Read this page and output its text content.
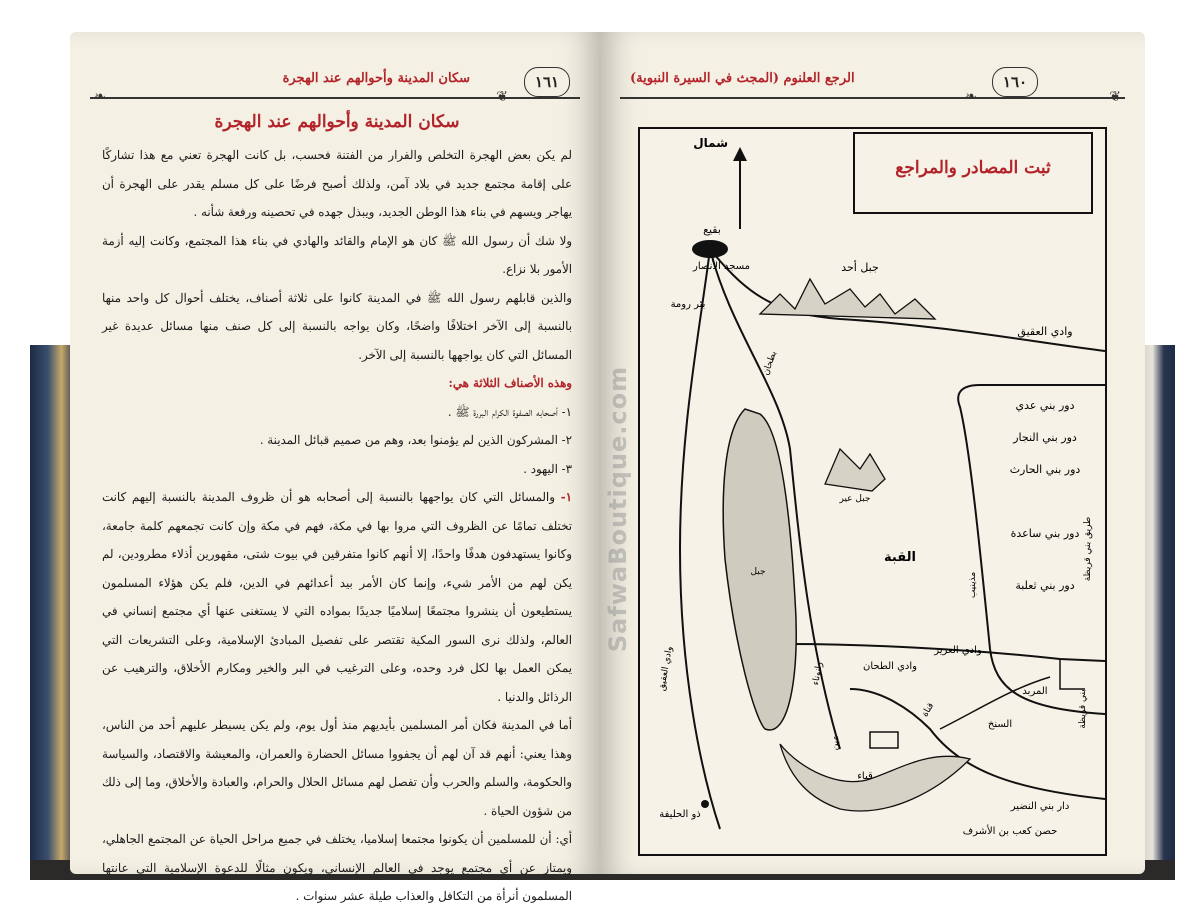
سكان المدينة وأحوالهم عند الهجرة	١٦١
❦
❧
سكان المدينة وأحوالهم عند الهجرة

لم يكن بعض الهجرة التخلص والفرار من الفتنة فحسب، بل كانت الهجرة تعني مع هذا تشاركًا على إقامة مجتمع جديد في بلاد آمن، ولذلك أصبح فرضًا على كل مسلم يقدر على الهجرة أن يهاجر ويسهم في بناء هذا الوطن الجديد، ويبذل جهده في تحصينه ورفعة شأنه .

ولا شك أن رسول الله ﷺ كان هو الإمام والقائد والهادي في بناء هذا المجتمع، وكانت إليه أزمة الأمور بلا نزاع.

والذين قابلهم رسول الله ﷺ في المدينة كانوا على ثلاثة أصناف، يختلف أحوال كل واحد منها بالنسبة إلى الآخر اختلافًا واضحًا، وكان يواجه بالنسبة إلى كل صنف منها مسائل عديدة غير المسائل التي كان يواجهها بالنسبة إلى الآخر.

وهذه الأصناف الثلاثة هي:

١- أصحابه الصفوة الكرام البررة ﷺ .

٢- المشركون الذين لم يؤمنوا بعد، وهم من صميم قبائل المدينة .

٣- اليهود .

١- والمسائل التي كان يواجهها بالنسبة إلى أصحابه هو أن ظروف المدينة بالنسبة إليهم كانت تختلف تمامًا عن الظروف التي مروا بها في مكة، فهم في مكة وإن كانت تجمعهم كلمة جامعة، وكانوا يستهدفون هدفًا واحدًا، إلا أنهم كانوا متفرقين في بيوت شتى، مقهورين أذلاء مطرودين، لم يكن لهم من الأمر شيء، وإنما كان الأمر بيد أعدائهم في الدين، فلم يكن هؤلاء المسلمون يستطيعون أن ينشروا مجتمعًا إسلاميًا جديدًا بمواده التي لا يستغنى عنها أي مجتمع إنساني في العالم، ولذلك نرى السور المكية تقتصر على تفصيل المبادئ الإسلامية، وعلى التشريعات التي يمكن العمل بها لكل فرد وحده، وعلى الترغيب في البر والخير ومكارم الأخلاق، والترهيب عن الرذائل والدنيا .

أما في المدينة فكان أمر المسلمين بأيديهم منذ أول يوم، ولم يكن يسيطر عليهم أحد من الناس، وهذا يعني: أنهم قد آن لهم أن يجفووا مسائل الحضارة والعمران، والمعيشة والاقتصاد، والسياسة والحكومة، والسلم والحرب وأن تفصل لهم مسائل الحلال والحرام، والعبادة والأخلاق، وما إلى ذلك من شؤون الحياة .

أي: أن للمسلمين أن يكونوا مجتمعا إسلاميا، يختلف في جميع مراحل الحياة عن المجتمع الجاهلي، ويمتاز عن أي مجتمع يوجد في العالم الإنساني، ويكون مثالًا للدعوة الإسلامية التي عانتها المسلمون أنرأة من التكافل والعذاب طيلة عشر سنوات .

الرجع العلنوم (المجث في السيرة النبوية)	١٦٠
❧	❦
شمال
بقيع
مسجد الأنصار	جبل أحد
بئر رومة
وادي العقيق
دور بني عدي
دور بني النجار
دور بني الحارث
دور بني ساعدة
دور بني ثعلبة
القبة
جبل عير
وادي العقيق	وادي الطحان
وادي العزيز
المربد
السنخ
قباء
ذو الحليفة
دار بني النضير
حصن كعب بن الأشرف
بطحان
رانوناء
طريق بني قريظة
بني قريظة
مذينيب
جبل
قناة
عين
ثبت المصادر والمراجع
SafwaBoutique.com
